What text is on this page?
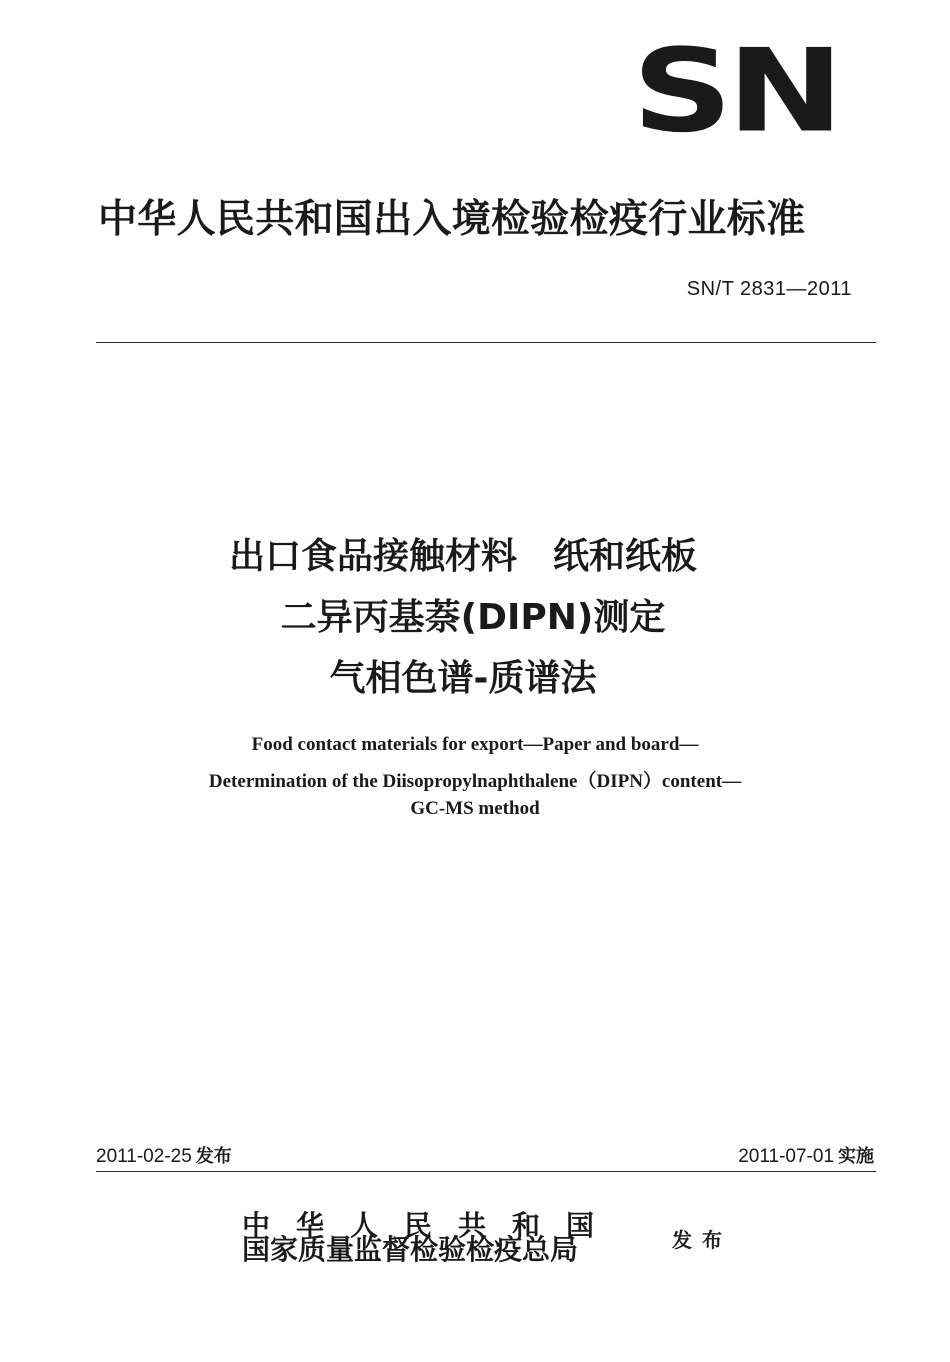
SN
中华人民共和国出入境检验检疫行业标准
SN/T 2831—2011
出口食品接触材料　纸和纸板
二异丙基萘(DIPN)测定
气相色谱-质谱法
Food contact materials for export—Paper and board—
Determination of the Diisopropylnaphthalene（DIPN）content—
GC-MS method
2011-02-25 发布	2011-07-01 实施
中华人民共和国
国家质量监督检验检疫总局	发布
